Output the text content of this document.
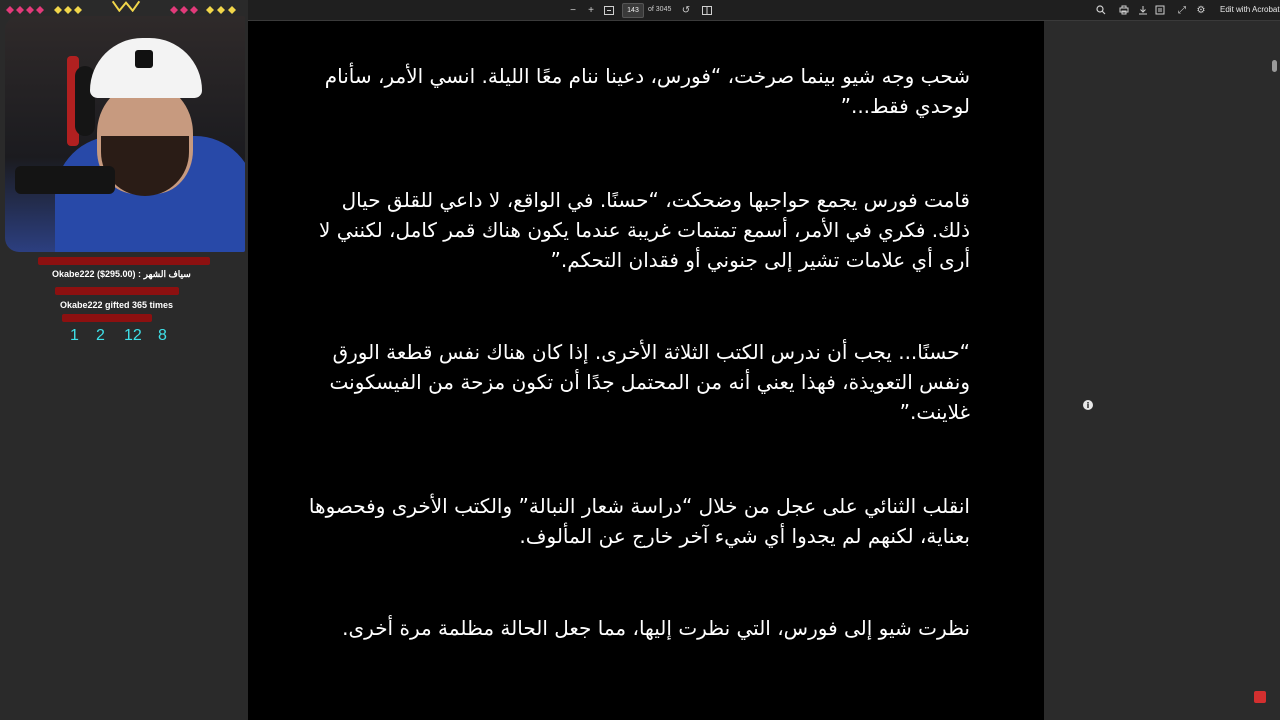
شحب وجه شيو بينما صرخت، “فورس، دعينا ننام معًا الليلة. انسي الأمر، سأنام لوحدي فقط...”

قامت فورس يجمع حواجبها وضحكت، “حسنًا. في الواقع، لا داعي للقلق حيال ذلك. فكري في الأمر، أسمع تمتمات غريبة عندما يكون هناك قمر كامل، لكنني لا أرى أي علامات تشير إلى جنوني أو فقدان التحكم.”

“حسنًا... يجب أن ندرس الكتب الثلاثة الأخرى. إذا كان هناك نفس قطعة الورق ونفس التعويذة، فهذا يعني أنه من المحتمل جدًا أن تكون مزحة من الفيسكونت غلاينت.”

انقلب الثنائي على عجل من خلال “دراسة شعار النبالة” والكتب الأخرى وفحصوها بعناية، لكنهم لم يجدوا أي شيء آخر خارج عن المألوف.

نظرت شيو إلى فورس، التي نظرت إليها، مما جعل الحالة مظلمة مرة أخرى.

i
−	+	143	of 3045 ↺	⤢	⚙	Edit with Acrobat
Okabe222 ($295.00) : سياف الشهر
Okabe222 gifted 365 times
1 2 12 8
